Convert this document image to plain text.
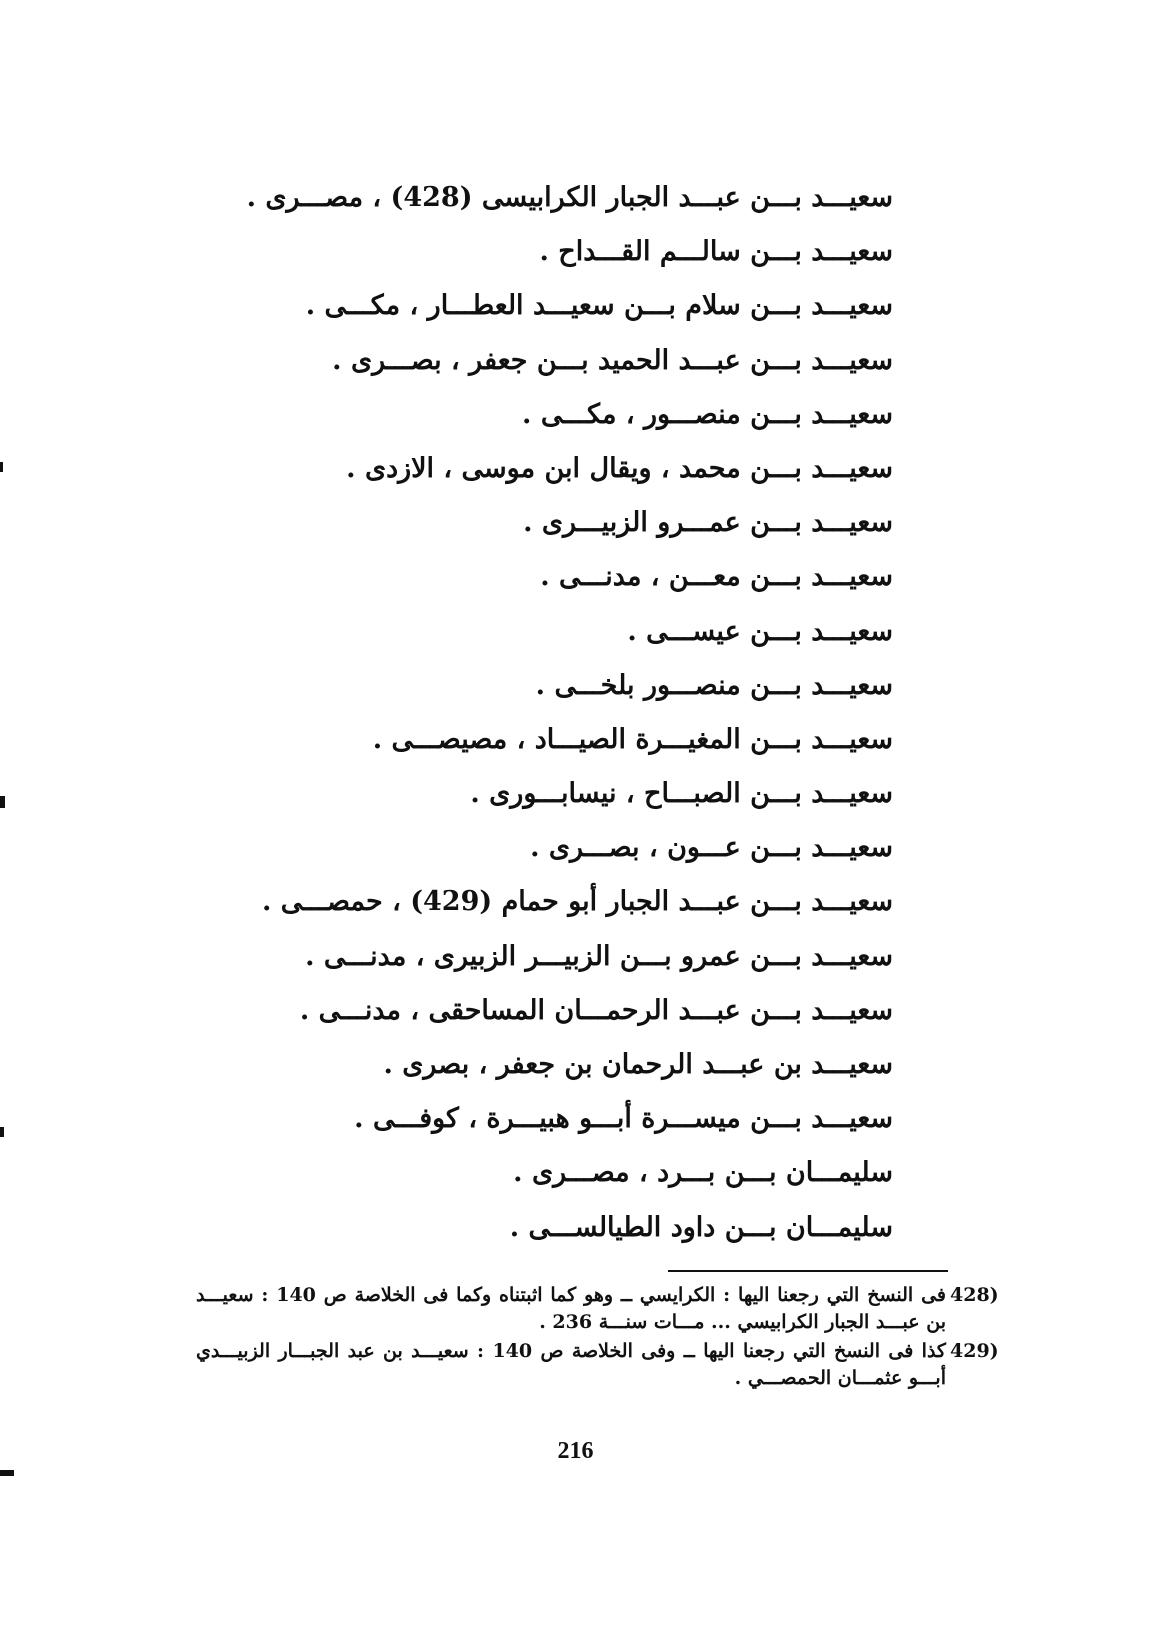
سعيـــد بـــن عبـــد الجبار الكرابيسى (428) ، مصـــرى .
سعيـــد بـــن سالـــم القـــداح .
سعيـــد بـــن سلام بـــن سعيـــد العطـــار ، مكـــى .
سعيـــد بـــن عبـــد الحميد بـــن جعفر ، بصـــرى .
سعيـــد بـــن منصـــور ، مكـــى .
سعيـــد بـــن محمد ، ويقال ابن موسى ، الازدى .
سعيـــد بـــن عمـــرو الزبيـــرى .
سعيـــد بـــن معـــن ، مدنـــى .
سعيـــد بـــن عيســـى .
سعيـــد بـــن منصـــور بلخـــى .
سعيـــد بـــن المغيـــرة الصيـــاد ، مصيصـــى .
سعيـــد بـــن الصبـــاح ، نيسابـــورى .
سعيـــد بـــن عـــون ، بصـــرى .
سعيـــد بـــن عبـــد الجبار أبو حمام (429) ، حمصـــى .
سعيـــد بـــن عمرو بـــن الزبيـــر الزبيرى ، مدنـــى .
سعيـــد بـــن عبـــد الرحمـــان المساحقى ، مدنـــى .
سعيـــد بن عبـــد الرحمان بن جعفر ، بصرى .
سعيـــد بـــن ميســـرة أبـــو هبيـــرة ، كوفـــى .
سليمـــان بـــن بـــرد ، مصـــرى .
سليمـــان بـــن داود الطيالســـى .
428)
فى النسخ التي رجعنا اليها : الكرايسي ــ وهو كما اثبتناه وكما فى الخلاصة ص 140 : سعيـــد بن عبـــد الجبار الكرابيسي ... مـــات سنـــة 236 .
429)
كذا فى النسخ التي رجعنا اليها ــ وفى الخلاصة ص 140 : سعيـــد بن عبد الجبـــار الزبيـــدي أبـــو عثمـــان الحمصـــي .
216
